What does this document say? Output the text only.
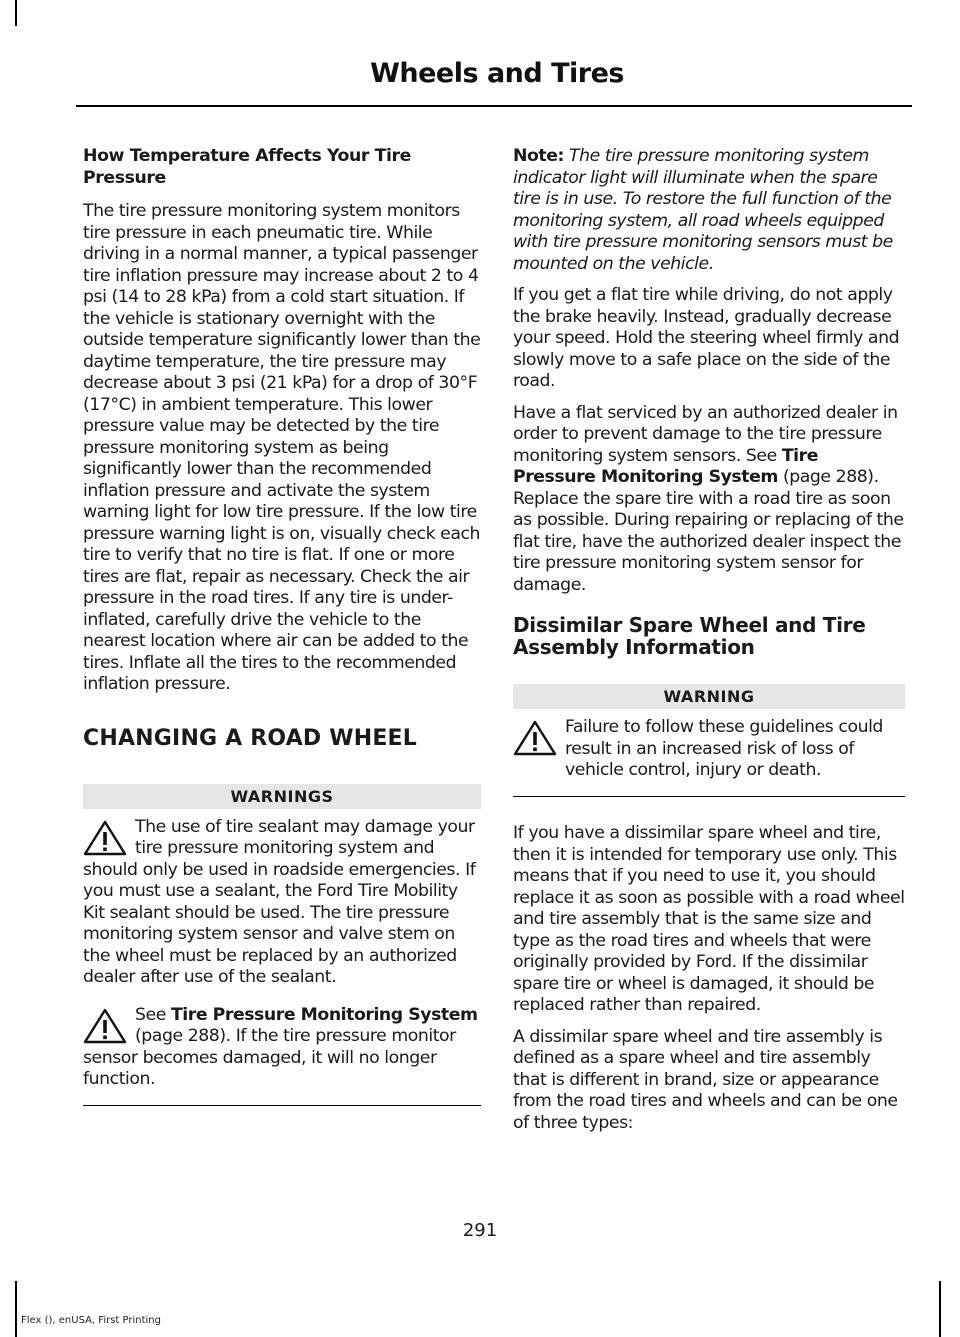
Wheels and Tires
How Temperature Affects Your Tire Pressure

The tire pressure monitoring system monitors tire pressure in each pneumatic tire. While driving in a normal manner, a typical passenger tire inflation pressure may increase about 2 to 4 psi (14 to 28 kPa) from a cold start situation. If the vehicle is stationary overnight with the outside temperature significantly lower than the daytime temperature, the tire pressure may decrease about 3 psi (21 kPa) for a drop of 30°F (17°C) in ambient temperature. This lower pressure value may be detected by the tire pressure monitoring system as being significantly lower than the recommended inflation pressure and activate the system warning light for low tire pressure. If the low tire pressure warning light is on, visually check each tire to verify that no tire is flat. If one or more tires are flat, repair as necessary. Check the air pressure in the road tires. If any tire is under-inflated, carefully drive the vehicle to the nearest location where air can be added to the tires. Inflate all the tires to the recommended inflation pressure.

CHANGING A ROAD WHEEL
WARNINGS
The use of tire sealant may damage your tire pressure monitoring system and should only be used in roadside emergencies. If you must use a sealant, the Ford Tire Mobility Kit sealant should be used. The tire pressure monitoring system sensor and valve stem on the wheel must be replaced by an authorized dealer after use of the sealant.
See Tire Pressure Monitoring System (page 288). If the tire pressure monitor sensor becomes damaged, it will no longer function.

Note: The tire pressure monitoring system indicator light will illuminate when the spare tire is in use. To restore the full function of the monitoring system, all road wheels equipped with tire pressure monitoring sensors must be mounted on the vehicle.

If you get a flat tire while driving, do not apply the brake heavily. Instead, gradually decrease your speed. Hold the steering wheel firmly and slowly move to a safe place on the side of the road.

Have a flat serviced by an authorized dealer in order to prevent damage to the tire pressure monitoring system sensors. See Tire Pressure Monitoring System (page 288). Replace the spare tire with a road tire as soon as possible. During repairing or replacing of the flat tire, have the authorized dealer inspect the tire pressure monitoring system sensor for damage.

Dissimilar Spare Wheel and Tire Assembly Information
WARNING
Failure to follow these guidelines could result in an increased risk of loss of vehicle control, injury or death.

If you have a dissimilar spare wheel and tire, then it is intended for temporary use only. This means that if you need to use it, you should replace it as soon as possible with a road wheel and tire assembly that is the same size and type as the road tires and wheels that were originally provided by Ford. If the dissimilar spare tire or wheel is damaged, it should be replaced rather than repaired.

A dissimilar spare wheel and tire assembly is defined as a spare wheel and tire assembly that is different in brand, size or appearance from the road tires and wheels and can be one of three types:

291
Flex (), enUSA, First Printing
